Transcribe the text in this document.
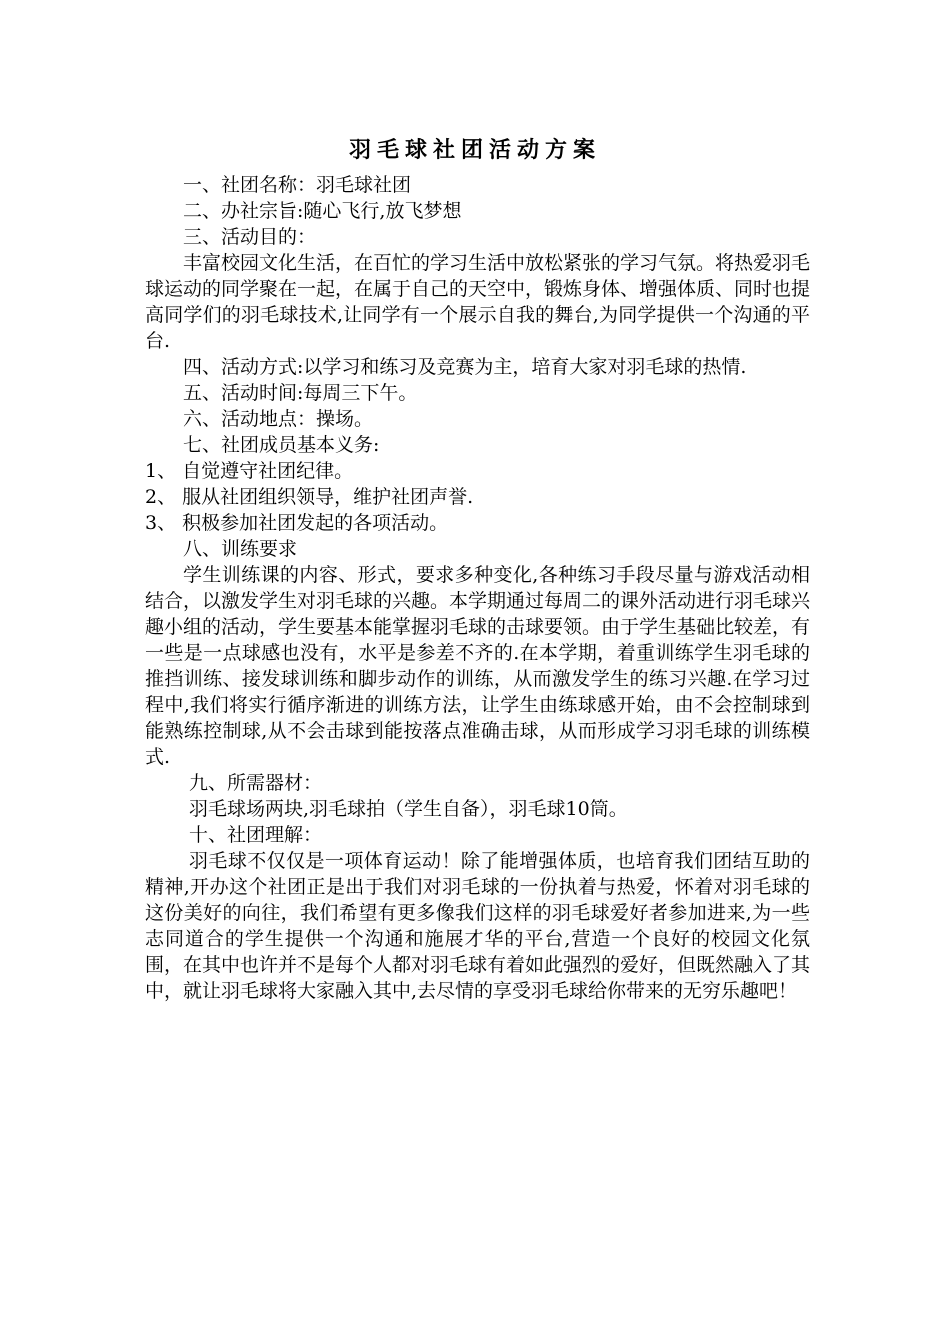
羽毛球社团活动方案

一、社团名称：羽毛球社团

二、办社宗旨:随心飞行,放飞梦想

三、活动目的：

丰富校园文化生活，在百忙的学习生活中放松紧张的学习气氛。将热爱羽毛球运动的同学聚在一起，在属于自己的天空中，锻炼身体、增强体质、同时也提高同学们的羽毛球技术,让同学有一个展示自我的舞台,为同学提供一个沟通的平台.

四、活动方式:以学习和练习及竞赛为主，培育大家对羽毛球的热情.

五、活动时间:每周三下午。

六、活动地点：操场。

七、社团成员基本义务:

1、 自觉遵守社团纪律。

2、 服从社团组织领导，维护社团声誉.

3、 积极参加社团发起的各项活动。

八、训练要求

学生训练课的内容、形式，要求多种变化,各种练习手段尽量与游戏活动相结合，以激发学生对羽毛球的兴趣。本学期通过每周二的课外活动进行羽毛球兴趣小组的活动，学生要基本能掌握羽毛球的击球要领。由于学生基础比较差，有一些是一点球感也没有，水平是参差不齐的.在本学期，着重训练学生羽毛球的推挡训练、接发球训练和脚步动作的训练，从而激发学生的练习兴趣.在学习过程中,我们将实行循序渐进的训练方法，让学生由练球感开始，由不会控制球到能熟练控制球,从不会击球到能按落点准确击球，从而形成学习羽毛球的训练模式.

九、所需器材：

羽毛球场两块,羽毛球拍（学生自备），羽毛球10筒。

十、社团理解：

羽毛球不仅仅是一项体育运动！除了能增强体质，也培育我们团结互助的精神,开办这个社团正是出于我们对羽毛球的一份执着与热爱，怀着对羽毛球的这份美好的向往，我们希望有更多像我们这样的羽毛球爱好者参加进来,为一些志同道合的学生提供一个沟通和施展才华的平台,营造一个良好的校园文化氛围，在其中也许并不是每个人都对羽毛球有着如此强烈的爱好，但既然融入了其中，就让羽毛球将大家融入其中,去尽情的享受羽毛球给你带来的无穷乐趣吧！
